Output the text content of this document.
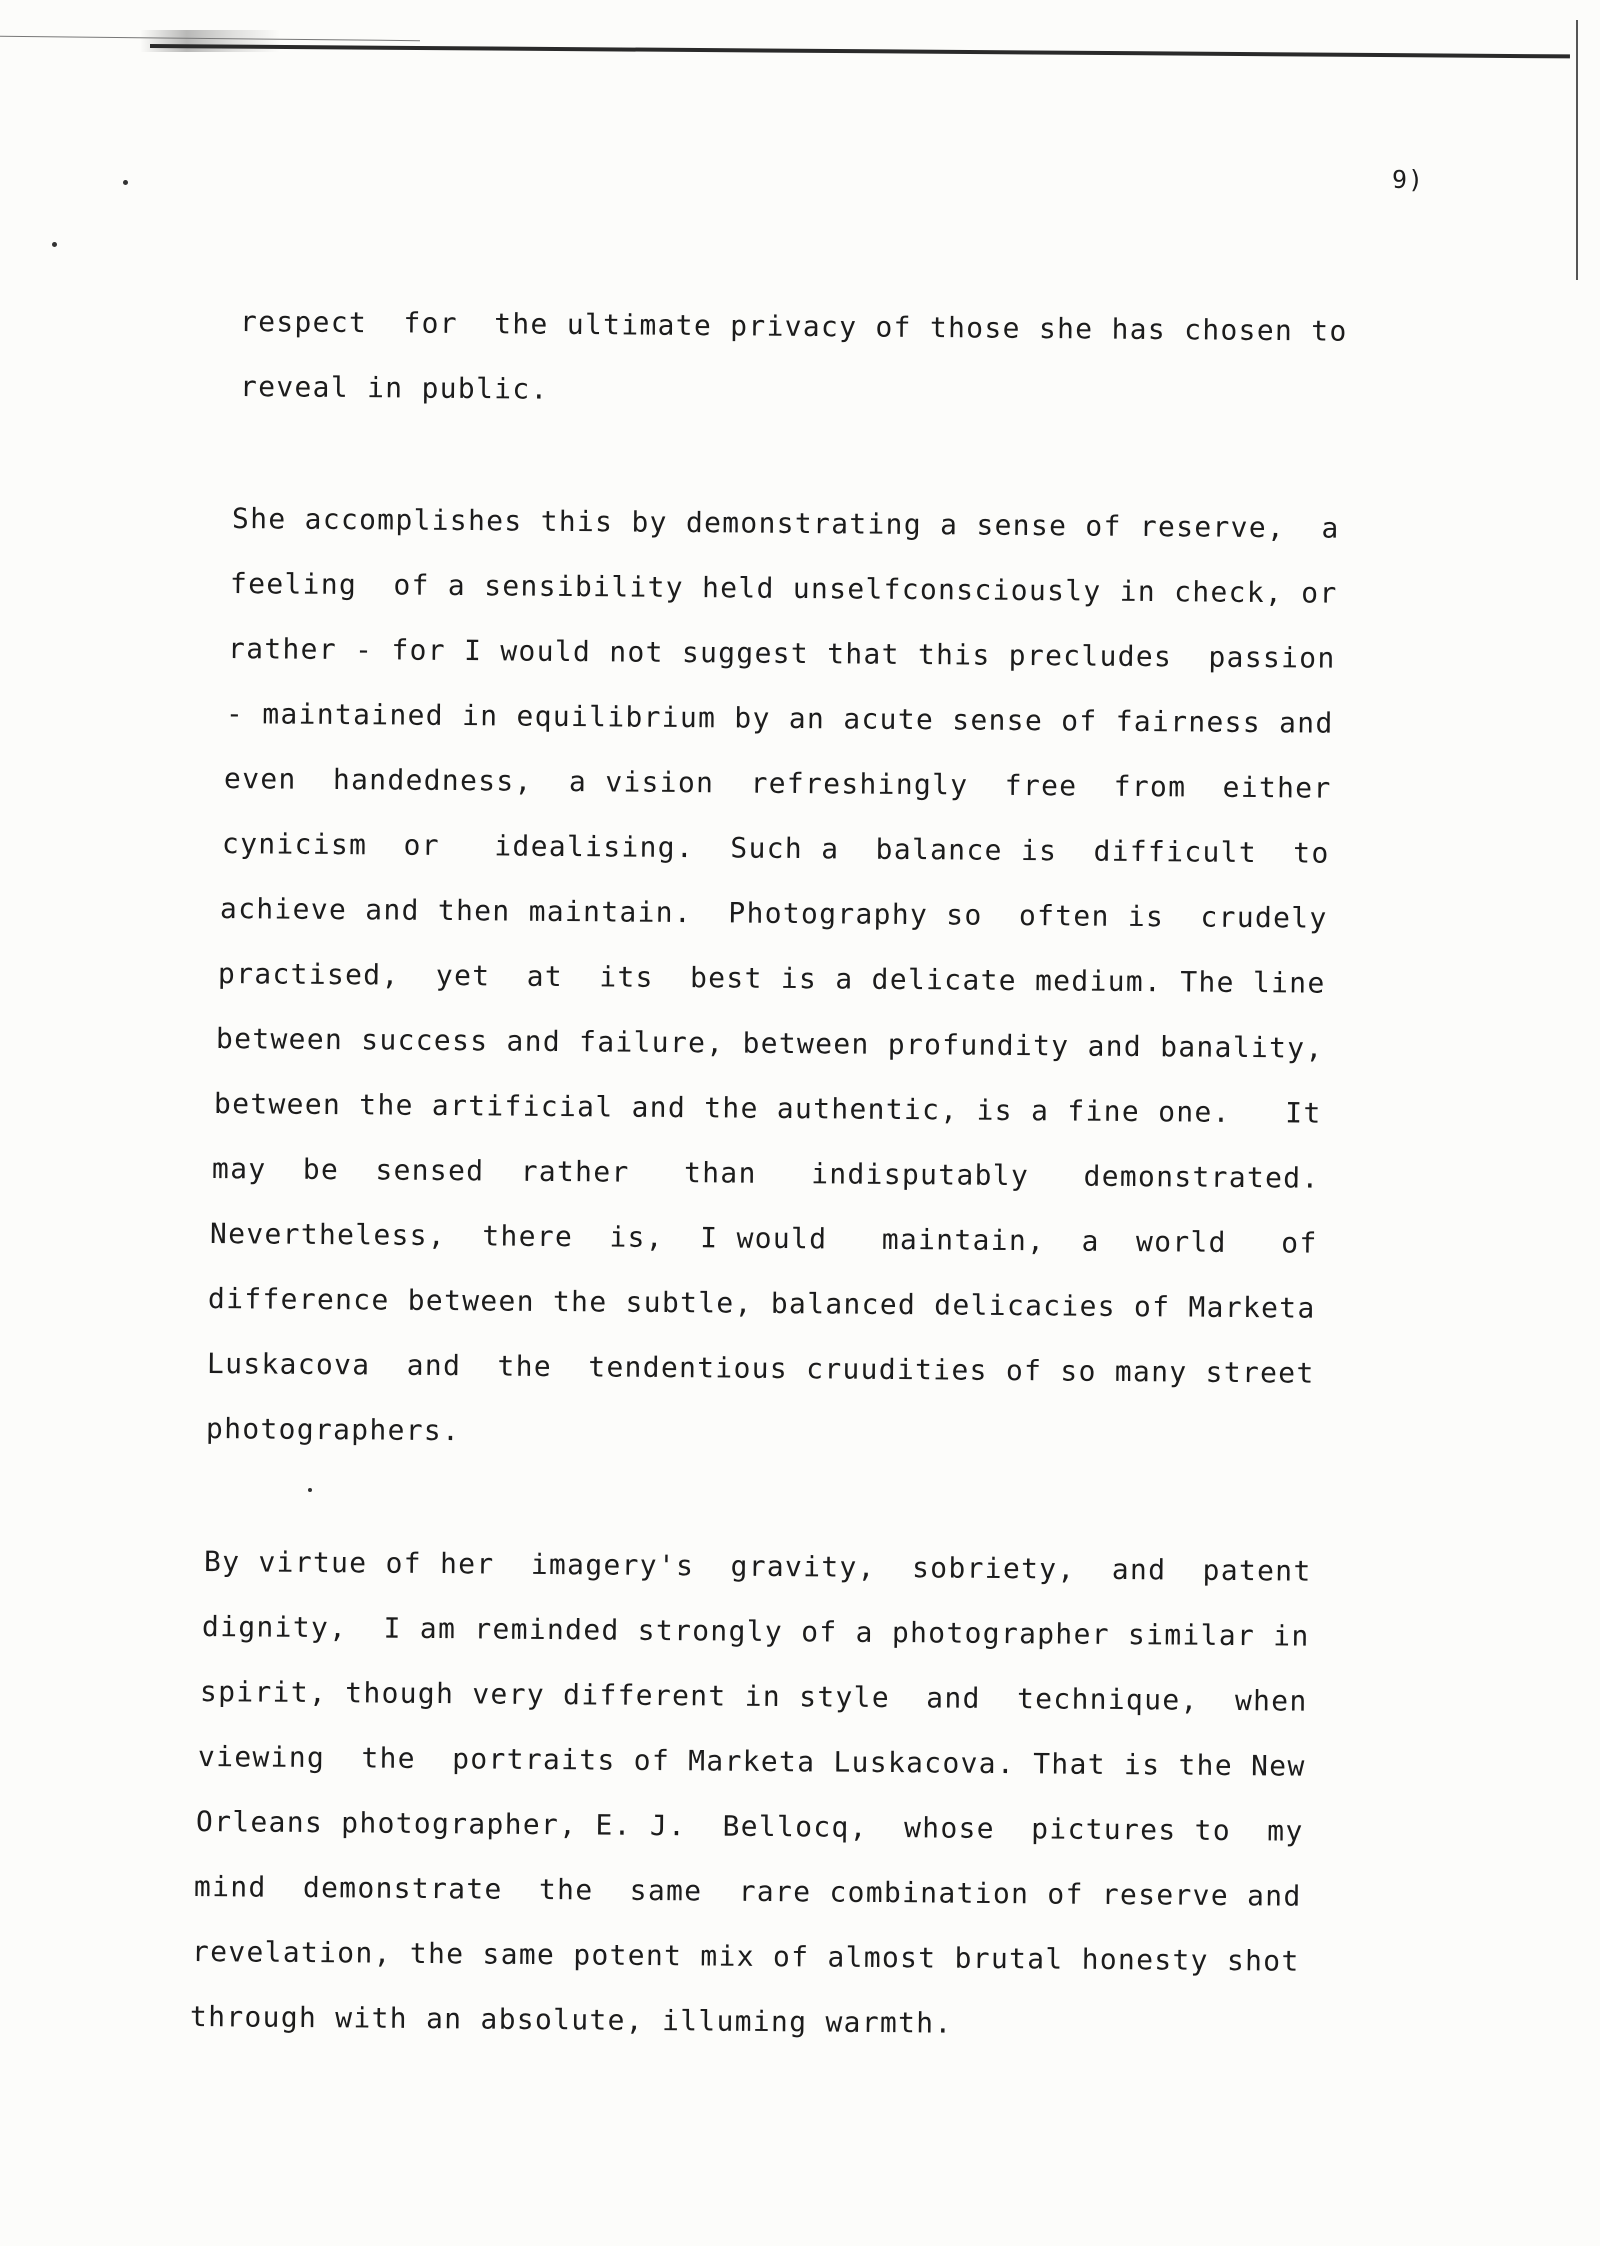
9)
respect  for  the ultimate privacy of those she has chosen to
reveal in public.
She accomplishes this by demonstrating a sense of reserve,  a
feeling  of a sensibility held unselfconsciously in check, or
rather - for I would not suggest that this precludes  passion
- maintained in equilibrium by an acute sense of fairness and
even  handedness,  a vision  refreshingly  free  from  either
cynicism  or   idealising.  Such a  balance is  difficult  to
achieve and then maintain.  Photography so  often is  crudely
practised,  yet  at  its  best is a delicate medium. The line
between success and failure, between profundity and banality,
between the artificial and the authentic, is a fine one.   It
may  be  sensed  rather   than   indisputably   demonstrated.
Nevertheless,  there  is,  I would   maintain,  a  world   of
difference between the subtle, balanced delicacies of Marketa
Luskacova  and  the  tendentious cruudities of so many street
photographers.
By virtue of her  imagery's  gravity,  sobriety,  and  patent
dignity,  I am reminded strongly of a photographer similar in
spirit, though very different in style  and  technique,  when
viewing  the  portraits of Marketa Luskacova. That is the New
Orleans photographer, E. J.  Bellocq,  whose  pictures to  my
mind  demonstrate  the  same  rare combination of reserve and
revelation, the same potent mix of almost brutal honesty shot
through with an absolute, illuming warmth.
